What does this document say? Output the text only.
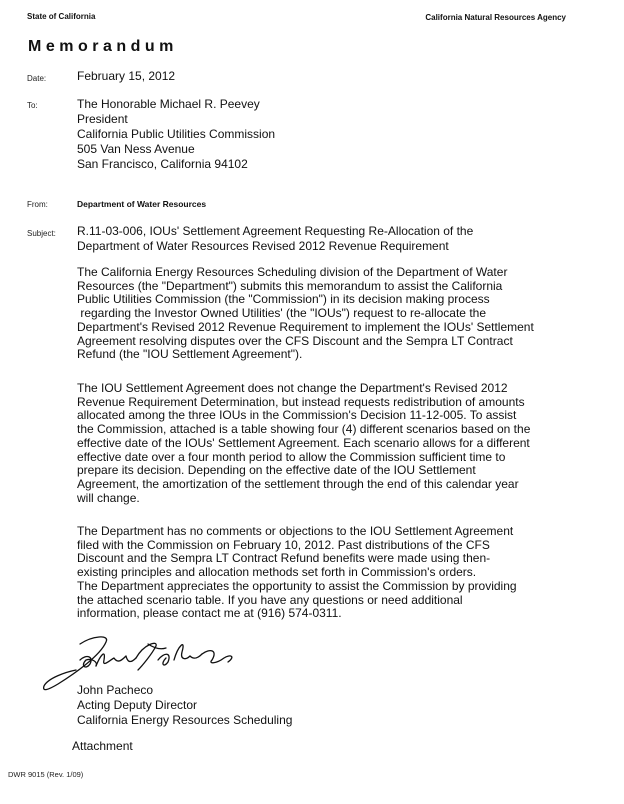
State of California	California Natural Resources Agency
Memorandum
Date:	February 15, 2012
To:	The Honorable Michael R. Peevey
President
California Public Utilities Commission
505 Van Ness Avenue
San Francisco, California 94102
From:	Department of Water Resources
Subject: R.11-03-006, IOUs' Settlement Agreement Requesting Re-Allocation of the
Department of Water Resources Revised 2012 Revenue Requirement
The California Energy Resources Scheduling division of the Department of Water
Resources (the "Department") submits this memorandum to assist the California
Public Utilities Commission (the "Commission") in its decision making process
regarding the Investor Owned Utilities' (the "IOUs") request to re-allocate the
Department's Revised 2012 Revenue Requirement to implement the IOUs' Settlement
Agreement resolving disputes over the CFS Discount and the Sempra LT Contract
Refund (the "IOU Settlement Agreement").
The IOU Settlement Agreement does not change the Department's Revised 2012
Revenue Requirement Determination, but instead requests redistribution of amounts
allocated among the three IOUs in the Commission's Decision 11-12-005. To assist
the Commission, attached is a table showing four (4) different scenarios based on the
effective date of the IOUs' Settlement Agreement. Each scenario allows for a different
effective date over a four month period to allow the Commission sufficient time to
prepare its decision. Depending on the effective date of the IOU Settlement
Agreement, the amortization of the settlement through the end of this calendar year
will change.
The Department has no comments or objections to the IOU Settlement Agreement
filed with the Commission on February 10, 2012. Past distributions of the CFS
Discount and the Sempra LT Contract Refund benefits were made using then-
existing principles and allocation methods set forth in Commission's orders.
The Department appreciates the opportunity to assist the Commission by providing
the attached scenario table. If you have any questions or need additional
information, please contact me at (916) 574-0311.
John Pacheco
Acting Deputy Director
California Energy Resources Scheduling
Attachment
DWR 9015 (Rev. 1/09)
